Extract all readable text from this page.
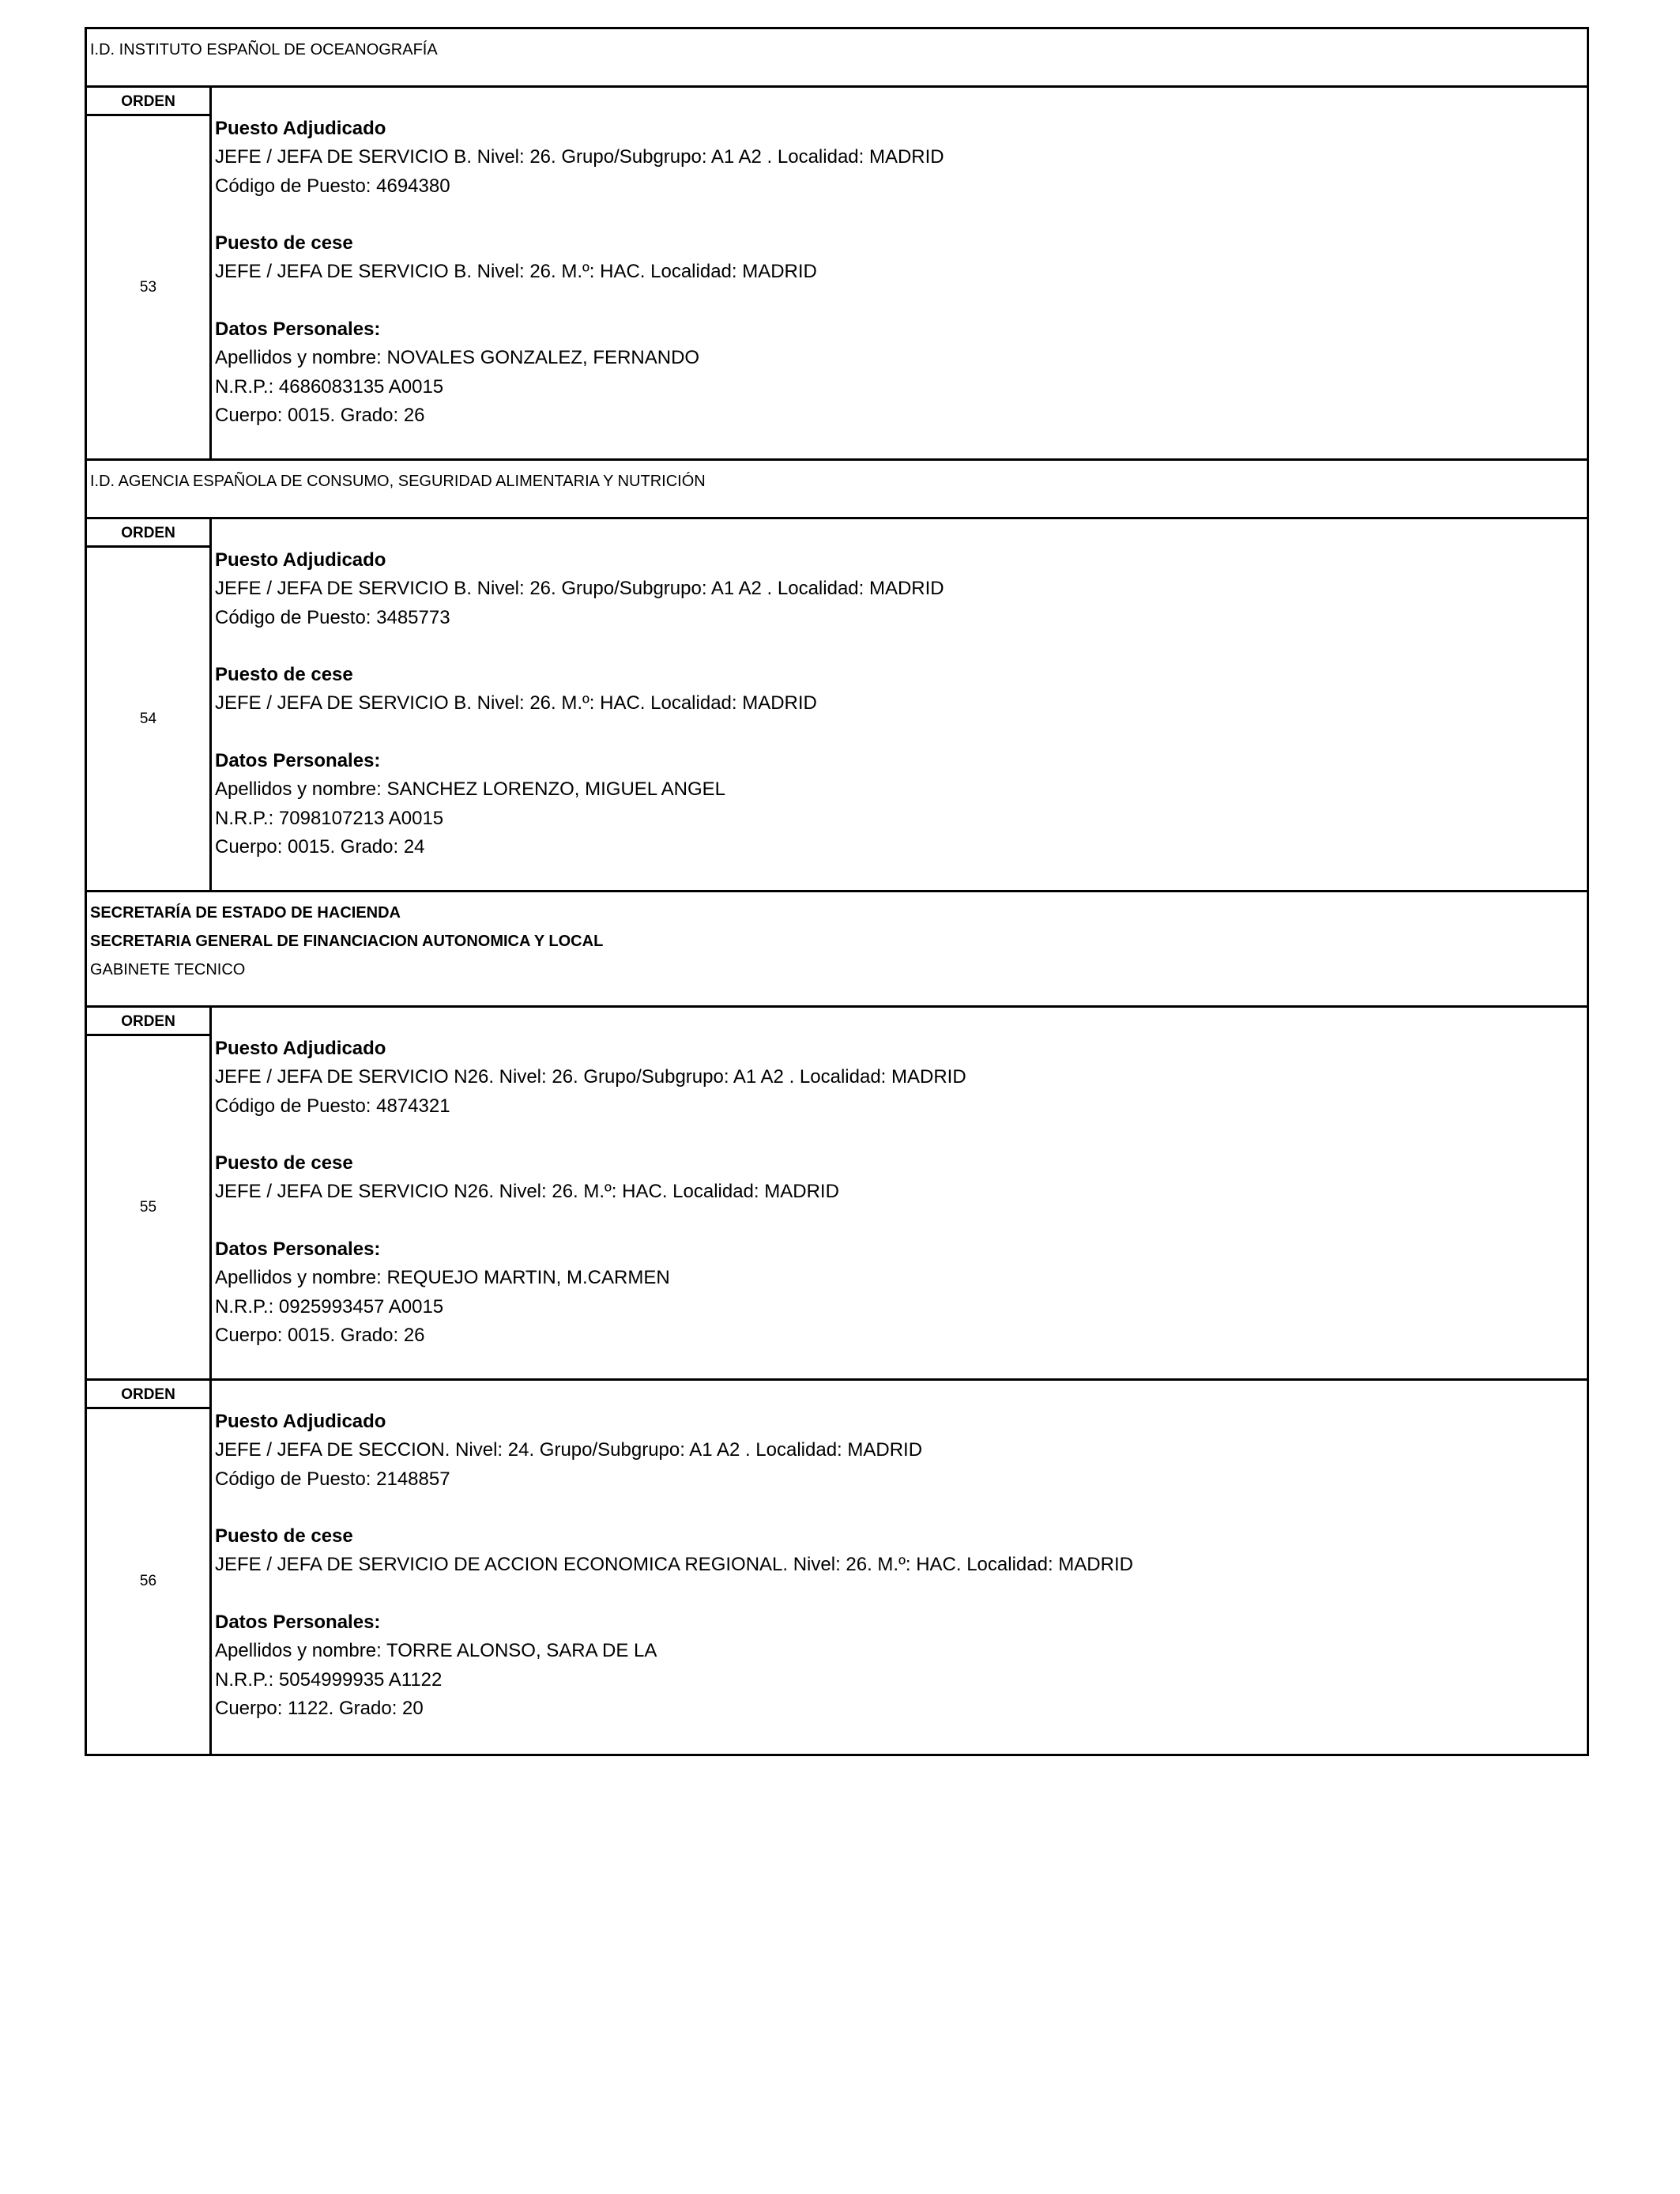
I.D. INSTITUTO ESPAÑOL DE OCEANOGRAFÍA
ORDEN
53
Puesto Adjudicado
JEFE / JEFA DE SERVICIO B. Nivel: 26. Grupo/Subgrupo: A1 A2 . Localidad: MADRID
Código de Puesto: 4694380
Puesto de cese
JEFE / JEFA DE SERVICIO B. Nivel: 26. M.º: HAC. Localidad: MADRID
Datos Personales:
Apellidos y nombre: NOVALES GONZALEZ, FERNANDO
N.R.P.: 4686083135 A0015
Cuerpo: 0015. Grado: 26
I.D. AGENCIA ESPAÑOLA DE CONSUMO, SEGURIDAD ALIMENTARIA Y NUTRICIÓN
ORDEN
54
Puesto Adjudicado
JEFE / JEFA DE SERVICIO B. Nivel: 26. Grupo/Subgrupo: A1 A2 . Localidad: MADRID
Código de Puesto: 3485773
Puesto de cese
JEFE / JEFA DE SERVICIO B. Nivel: 26. M.º: HAC. Localidad: MADRID
Datos Personales:
Apellidos y nombre: SANCHEZ LORENZO, MIGUEL ANGEL
N.R.P.: 7098107213 A0015
Cuerpo: 0015. Grado: 24
SECRETARÍA DE ESTADO DE HACIENDA
SECRETARIA GENERAL DE FINANCIACION AUTONOMICA Y LOCAL
GABINETE TECNICO
ORDEN
55
Puesto Adjudicado
JEFE / JEFA DE SERVICIO N26. Nivel: 26. Grupo/Subgrupo: A1 A2 . Localidad: MADRID
Código de Puesto: 4874321
Puesto de cese
JEFE / JEFA DE SERVICIO N26. Nivel: 26. M.º: HAC. Localidad: MADRID
Datos Personales:
Apellidos y nombre: REQUEJO MARTIN, M.CARMEN
N.R.P.: 0925993457 A0015
Cuerpo: 0015. Grado: 26
ORDEN
56
Puesto Adjudicado
JEFE / JEFA DE SECCION. Nivel: 24. Grupo/Subgrupo: A1 A2 . Localidad: MADRID
Código de Puesto: 2148857
Puesto de cese
JEFE / JEFA DE SERVICIO DE ACCION ECONOMICA REGIONAL. Nivel: 26. M.º: HAC. Localidad: MADRID
Datos Personales:
Apellidos y nombre: TORRE ALONSO, SARA DE LA
N.R.P.: 5054999935 A1122
Cuerpo: 1122. Grado: 20
